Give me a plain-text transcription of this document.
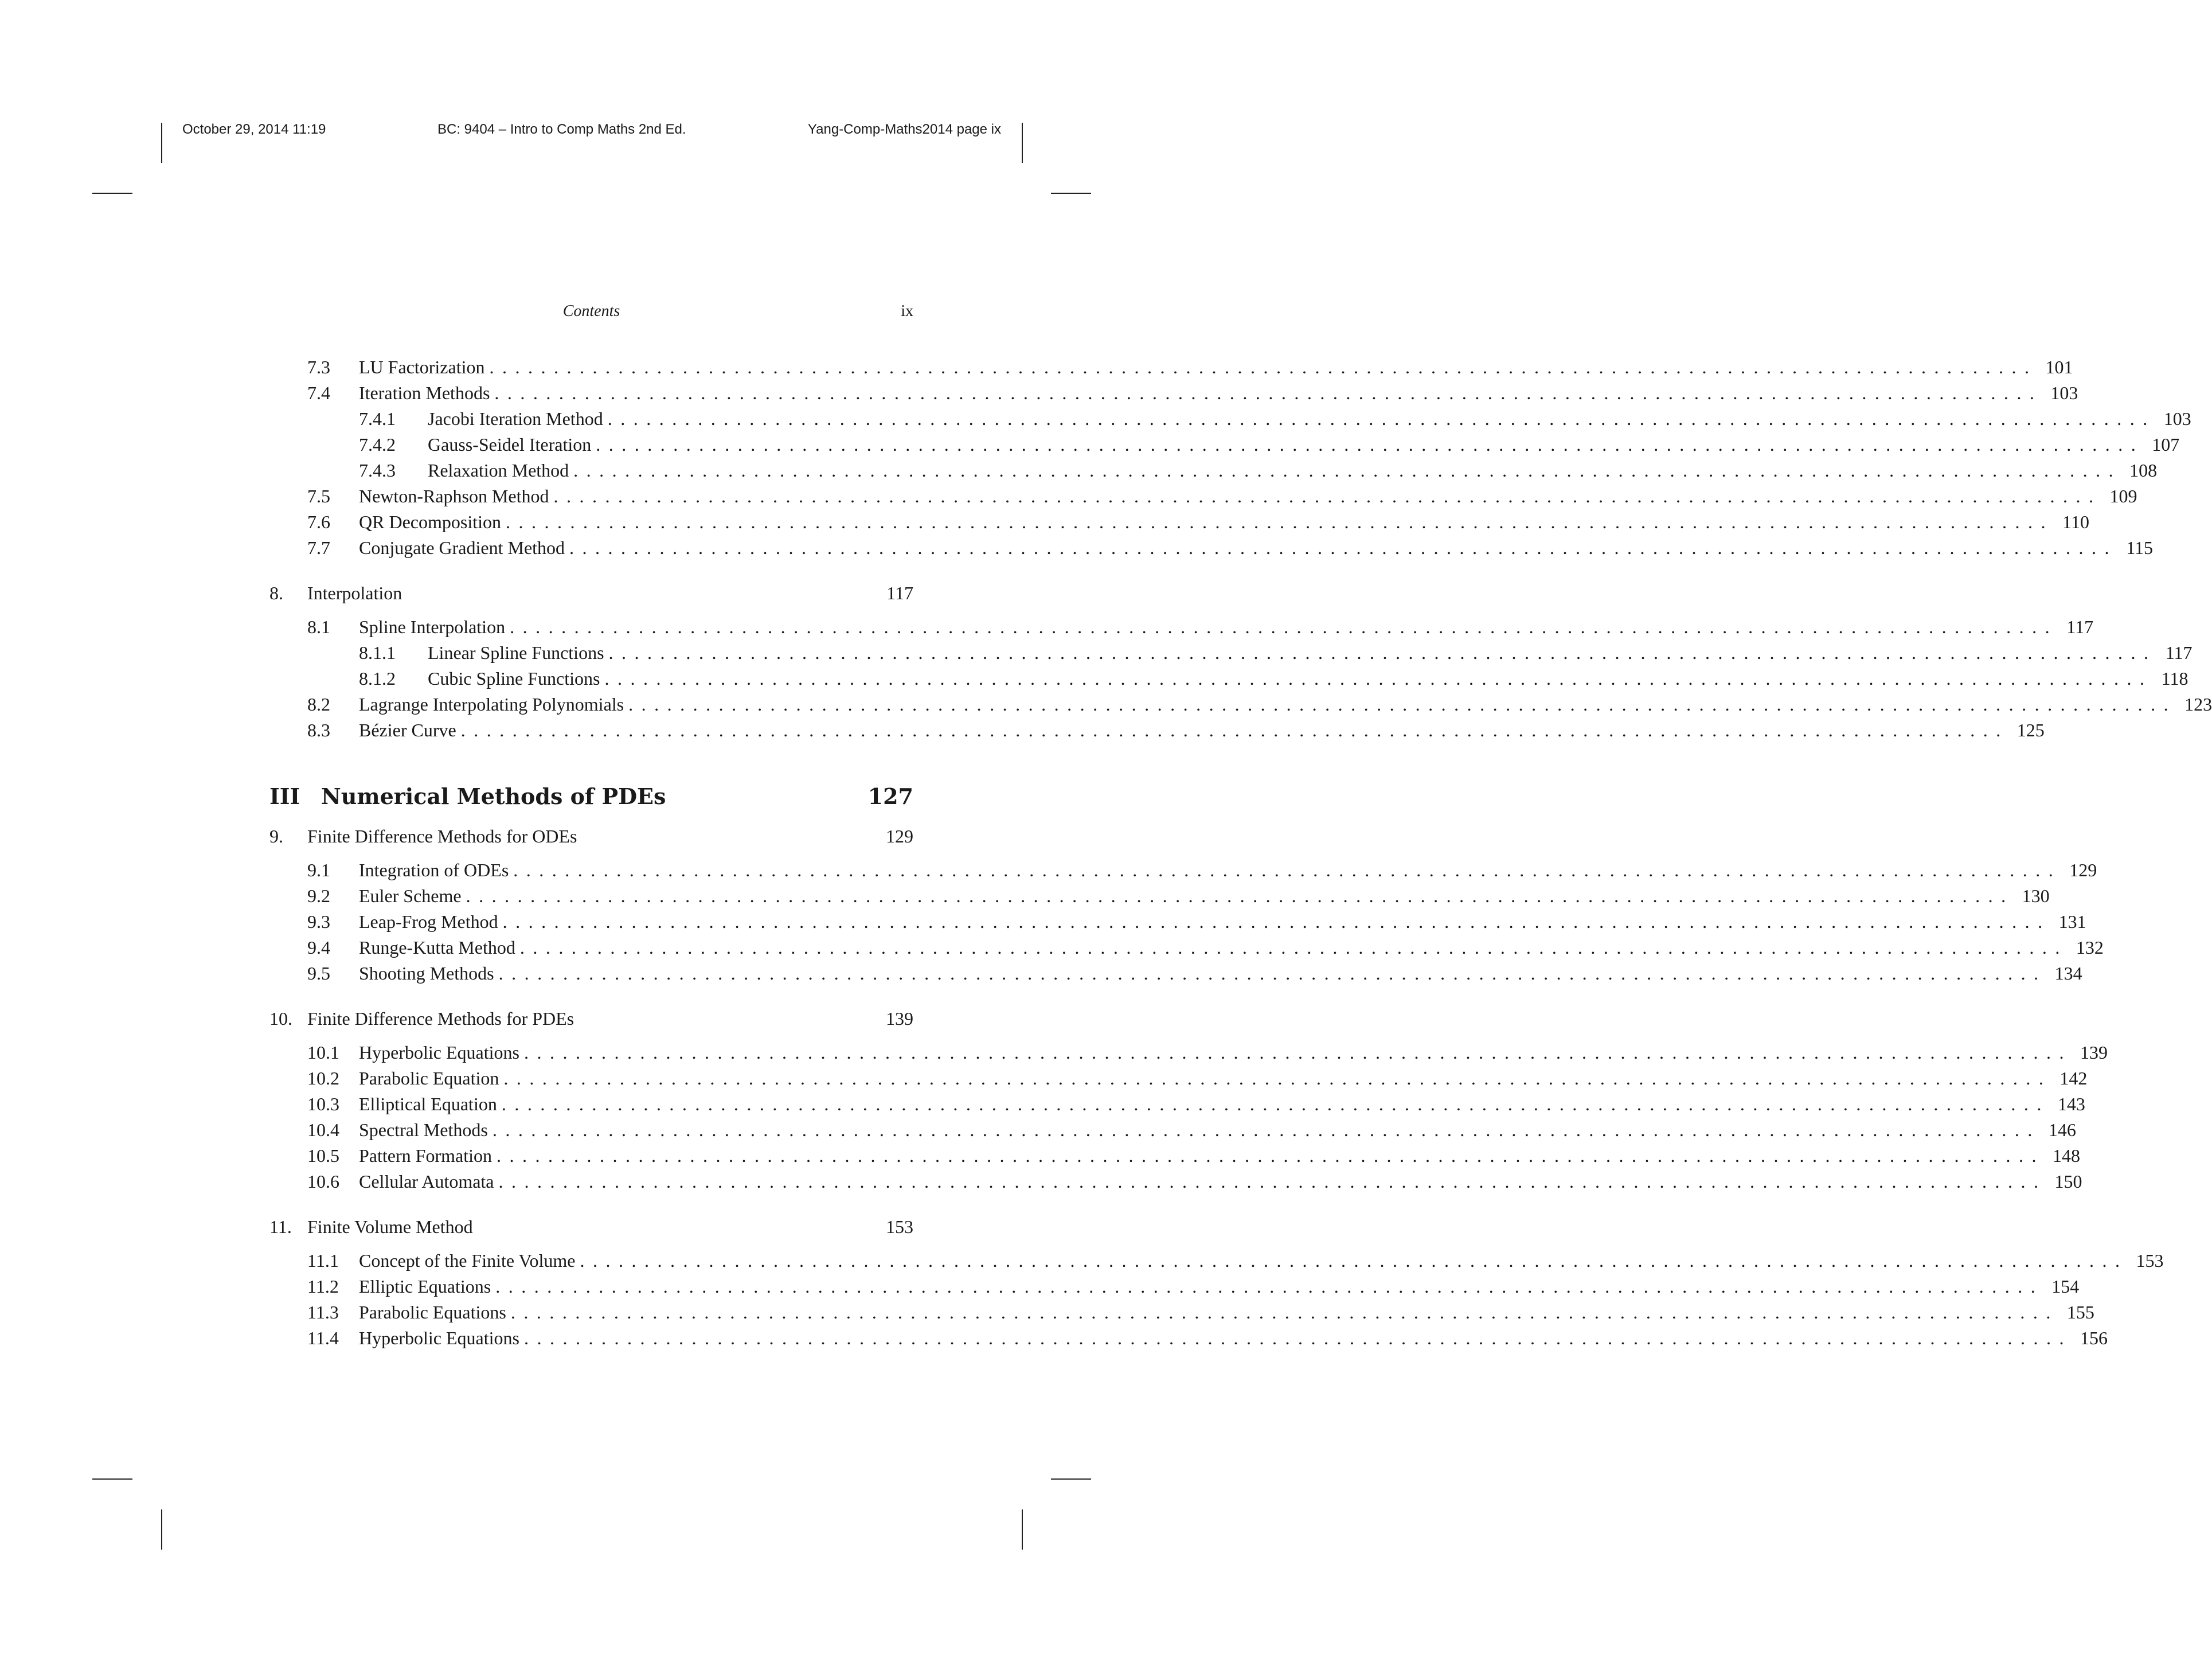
October 29, 2014 11:19	BC: 9404 – Intro to Comp Maths 2nd Ed.	Yang-Comp-Maths2014 page ix
Contents	ix
7.3	LU Factorization ........................................................................................................................ 101
7.4	Iteration Methods ........................................................................................................................ 103
7.4.1	Jacobi Iteration Method ........................................................................................................................ 103
7.4.2	Gauss-Seidel Iteration ........................................................................................................................ 107
7.4.3	Relaxation Method ........................................................................................................................ 108
7.5	Newton-Raphson Method ........................................................................................................................ 109
7.6	QR Decomposition ........................................................................................................................ 110
7.7	Conjugate Gradient Method ........................................................................................................................ 115
8.	Interpolation	117
8.1	Spline Interpolation ........................................................................................................................ 117
8.1.1	Linear Spline Functions ........................................................................................................................ 117
8.1.2	Cubic Spline Functions ........................................................................................................................ 118
8.2	Lagrange Interpolating Polynomials ........................................................................................................................ 123
8.3	Bézier Curve ........................................................................................................................ 125
III Numerical Methods of PDEs	127
9.	Finite Difference Methods for ODEs	129
9.1	Integration of ODEs ........................................................................................................................ 129
9.2	Euler Scheme ........................................................................................................................ 130
9.3	Leap-Frog Method ........................................................................................................................ 131
9.4	Runge-Kutta Method ........................................................................................................................ 132
9.5	Shooting Methods ........................................................................................................................ 134
10. Finite Difference Methods for PDEs	139
10.1	Hyperbolic Equations ........................................................................................................................ 139
10.2	Parabolic Equation ........................................................................................................................ 142
10.3	Elliptical Equation ........................................................................................................................ 143
10.4	Spectral Methods ........................................................................................................................ 146
10.5	Pattern Formation ........................................................................................................................ 148
10.6	Cellular Automata ........................................................................................................................ 150
11. Finite Volume Method	153
11.1	Concept of the Finite Volume ........................................................................................................................ 153
11.2	Elliptic Equations ........................................................................................................................ 154
11.3	Parabolic Equations ........................................................................................................................ 155
11.4	Hyperbolic Equations ........................................................................................................................ 156
